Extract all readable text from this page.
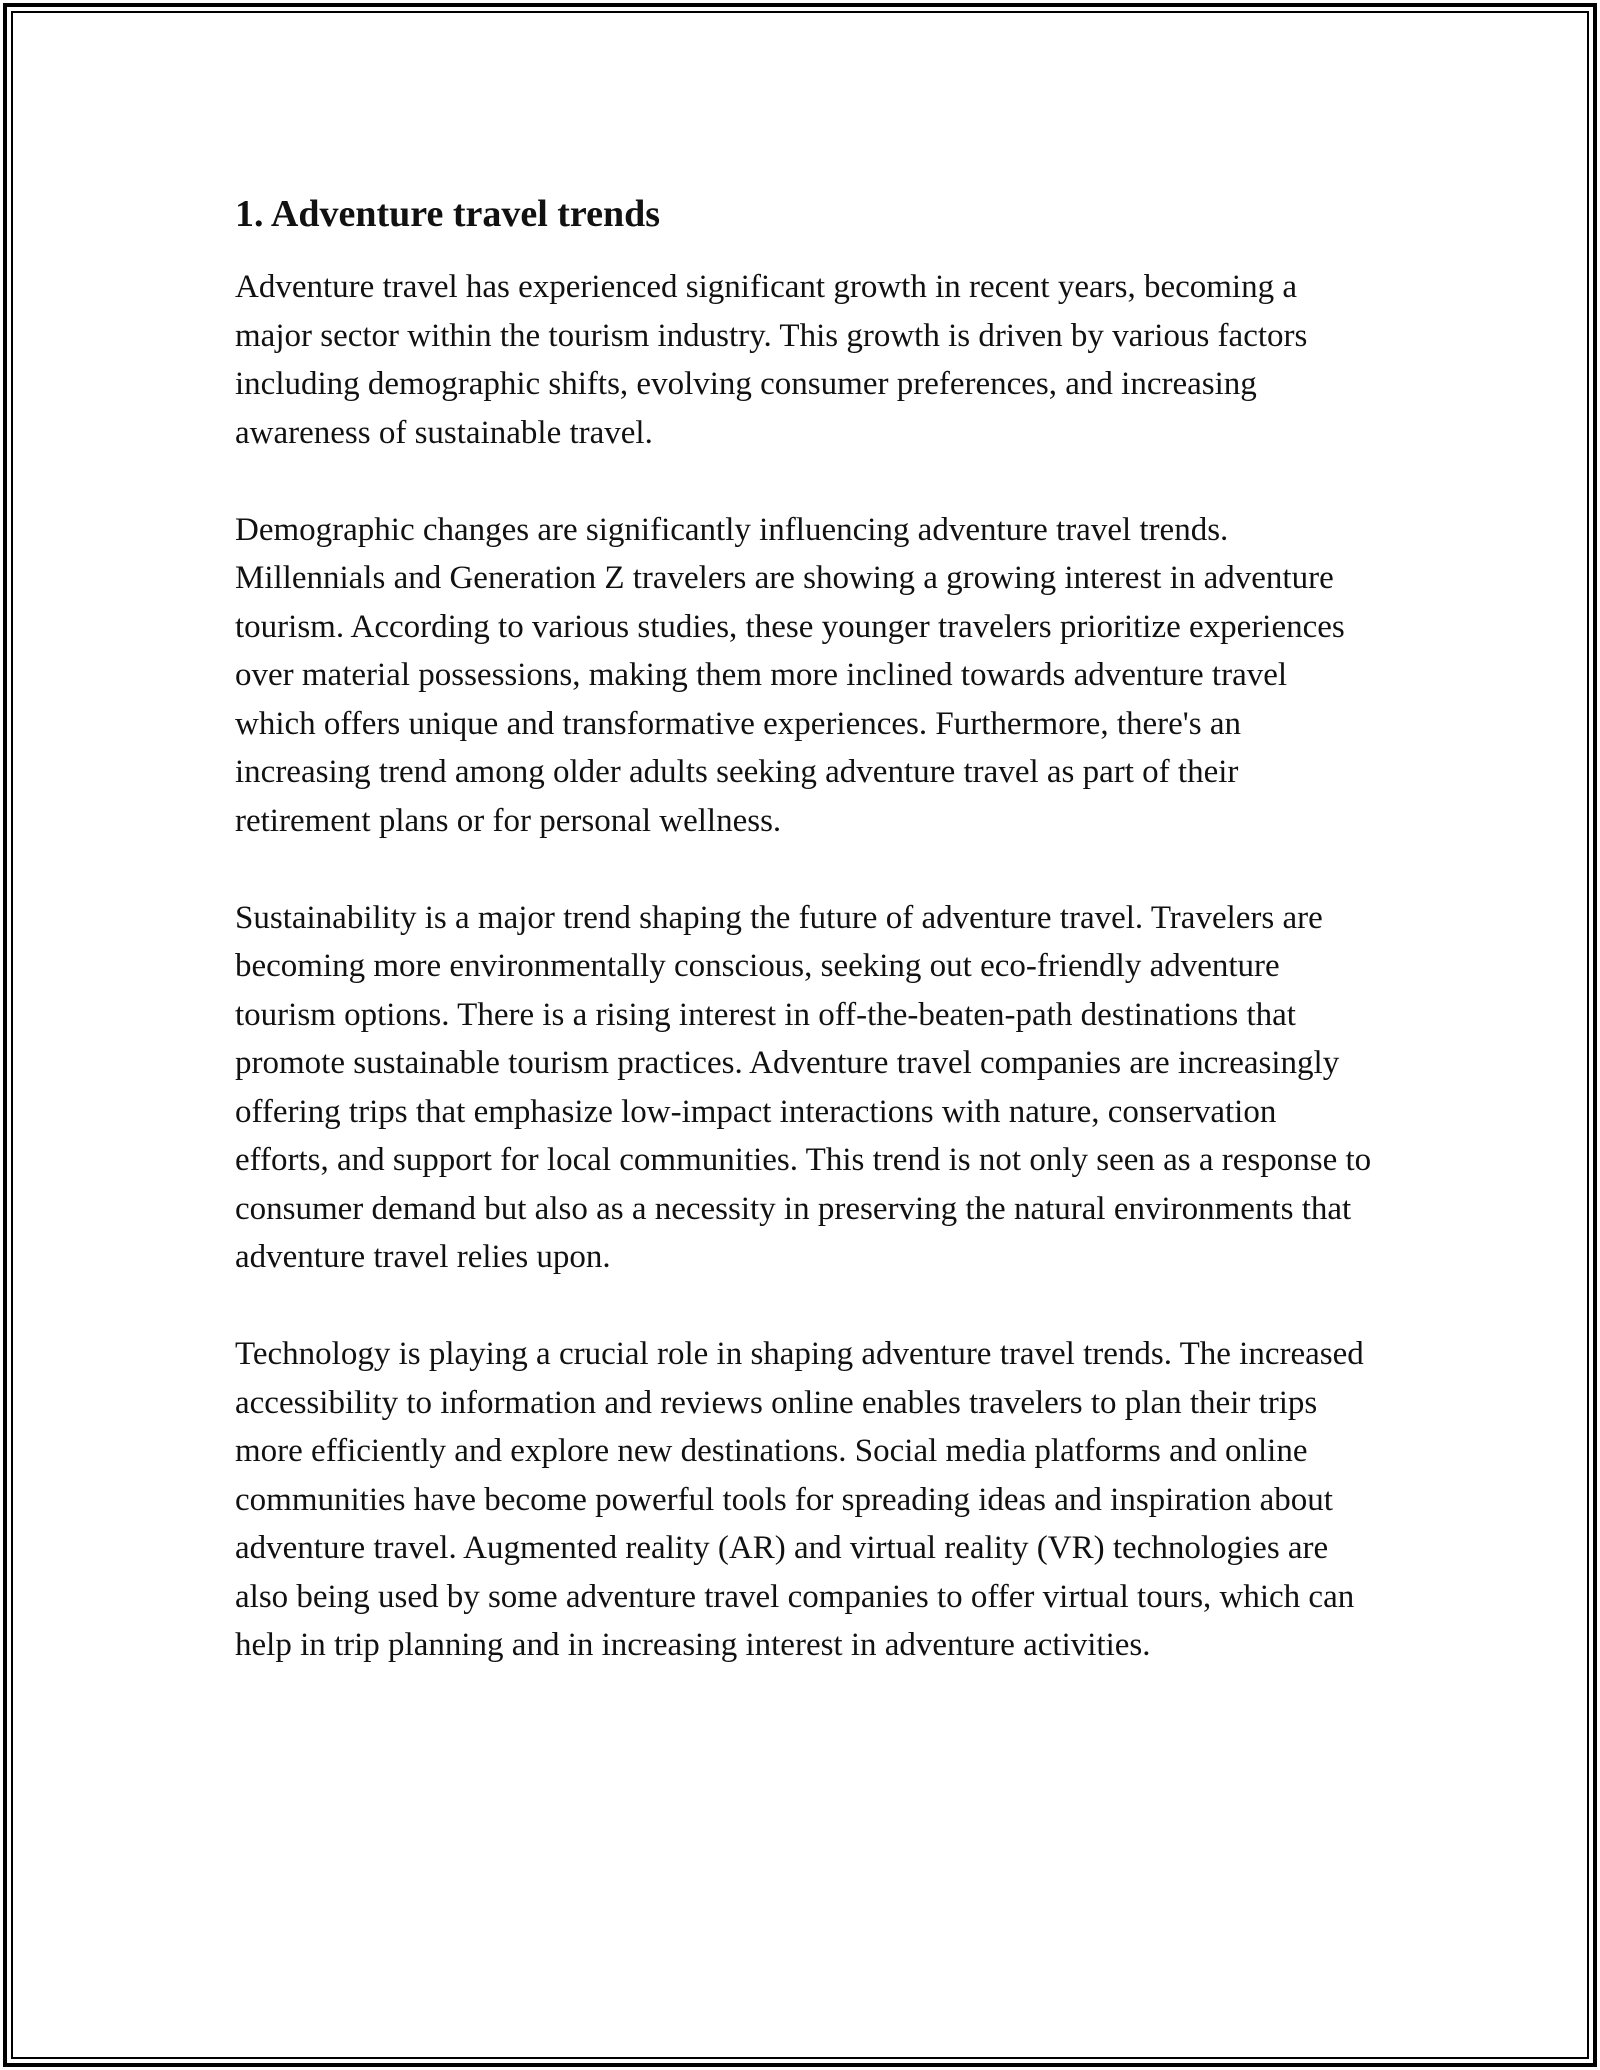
1. Adventure travel trends

Adventure travel has experienced significant growth in recent years, becoming a major sector within the tourism industry. This growth is driven by various factors including demographic shifts, evolving consumer preferences, and increasing awareness of sustainable travel.

Demographic changes are significantly influencing adventure travel trends. Millennials and Generation Z travelers are showing a growing interest in adventure tourism. According to various studies, these younger travelers prioritize experiences over material possessions, making them more inclined towards adventure travel which offers unique and transformative experiences. Furthermore, there's an increasing trend among older adults seeking adventure travel as part of their retirement plans or for personal wellness.

Sustainability is a major trend shaping the future of adventure travel. Travelers are becoming more environmentally conscious, seeking out eco-friendly adventure tourism options. There is a rising interest in off-the-beaten-path destinations that promote sustainable tourism practices. Adventure travel companies are increasingly offering trips that emphasize low-impact interactions with nature, conservation efforts, and support for local communities. This trend is not only seen as a response to consumer demand but also as a necessity in preserving the natural environments that adventure travel relies upon.

Technology is playing a crucial role in shaping adventure travel trends. The increased accessibility to information and reviews online enables travelers to plan their trips more efficiently and explore new destinations. Social media platforms and online communities have become powerful tools for spreading ideas and inspiration about adventure travel. Augmented reality (AR) and virtual reality (VR) technologies are also being used by some adventure travel companies to offer virtual tours, which can help in trip planning and in increasing interest in adventure activities.
